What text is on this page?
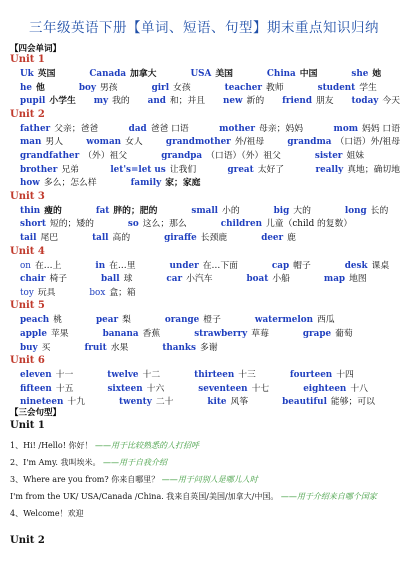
三年级英语下册【单词、短语、句型】期末重点知识归纳
【四会单词】
Unit 1
Uk 英国	Canada 加拿大	USA 美国	China 中国	she 她
he 他	boy 男孩	girl 女孩	teacher 教师	student 学生
pupil 小学生 my 我的 and 和；并且 new 新的 friend 朋友 today 今天
Unit 2
father 父亲；爸爸	dad 爸爸 口语	mother 母亲；妈妈	mom 妈妈 口语
man 男人	woman 女人	grandmother 外/祖母	grandma （口语）外/祖母
grandfather （外）祖父	grandpa （口语）（外）祖父	sister 姐妹
brother 兄弟	let's=let us 让我们	great 太好了	really 真地；确切地
how 多么；怎么样	family 家；家庭
Unit 3
thin 瘦的	fat 胖的；肥的	small 小的	big 大的	long 长的
short 短的；矮的	so 这么；那么	children 儿童（child 的复数）
tail 尾巴	tall 高的	giraffe 长颈鹿	deer 鹿
Unit 4
on 在…上	in 在…里	under 在…下面	cap 帽子	desk 课桌
chair 椅子	ball 球	car 小汽车	boat 小船	map 地图
toy 玩具	box 盒；箱
Unit 5
peach 桃	pear 梨	orange 橙子	watermelon 西瓜
apple 苹果	banana 香蕉	strawberry 草莓	grape 葡萄
buy 买	fruit 水果	thanks 多谢
Unit 6
eleven 十一	twelve 十二	thirteen 十三	fourteen 十四
fifteen 十五	sixteen 十六	seventeen 十七	eighteen 十八
nineteen 十九	twenty 二十	kite 风筝	beautiful 能够；可以
【三会句型】
Unit 1
1、Hi! /Hello! 你好！ ——用于比较熟悉的人打招呼
2、I'm Amy. 我叫埃米。 ——用于自我介绍
3、Where are you from? 你来自哪里？ ——用于问别人是哪儿人时
I'm from the UK/ USA/Canada /China. 我来自英国/美国/加拿大/中国。 ——用于介绍来自哪个国家
4、Welcome！欢迎
Unit 2
